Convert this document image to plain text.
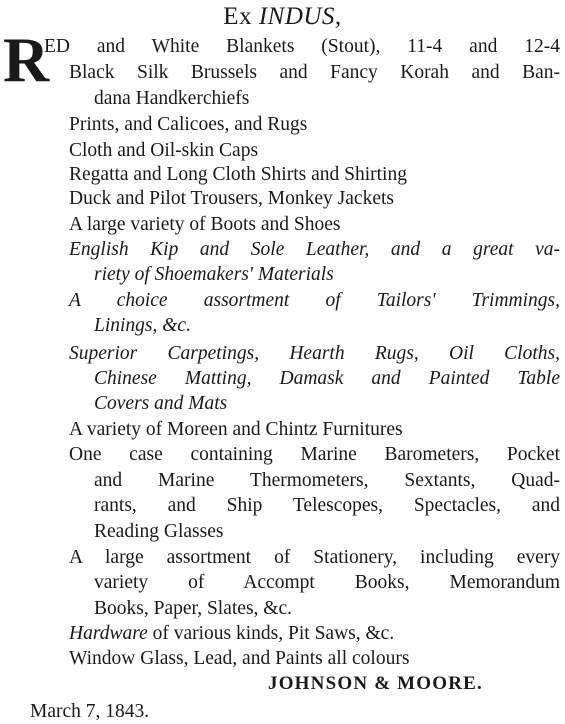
Ex INDUS,
R
ED and White Blankets (Stout), 11-4 and 12-4
Black Silk Brussels and Fancy Korah and Ban-
dana Handkerchiefs
Prints, and Calicoes, and Rugs
Cloth and Oil-skin Caps
Regatta and Long Cloth Shirts and Shirting
Duck and Pilot Trousers, Monkey Jackets
A large variety of Boots and Shoes
English Kip and Sole Leather, and a great va-
riety of Shoemakers' Materials
A choice assortment of Tailors' Trimmings,
Linings, &c.
Superior Carpetings, Hearth Rugs, Oil Cloths,
Chinese Matting, Damask and Painted Table
Covers and Mats
A variety of Moreen and Chintz Furnitures
One case containing Marine Barometers, Pocket
and Marine Thermometers, Sextants, Quad-
rants, and Ship Telescopes, Spectacles, and
Reading Glasses
A large assortment of Stationery, including every
variety of Accompt Books, Memorandum
Books, Paper, Slates, &c.
Hardware of various kinds, Pit Saws, &c.
Window Glass, Lead, and Paints all colours
JOHNSON & MOORE.
March 7, 1843.
